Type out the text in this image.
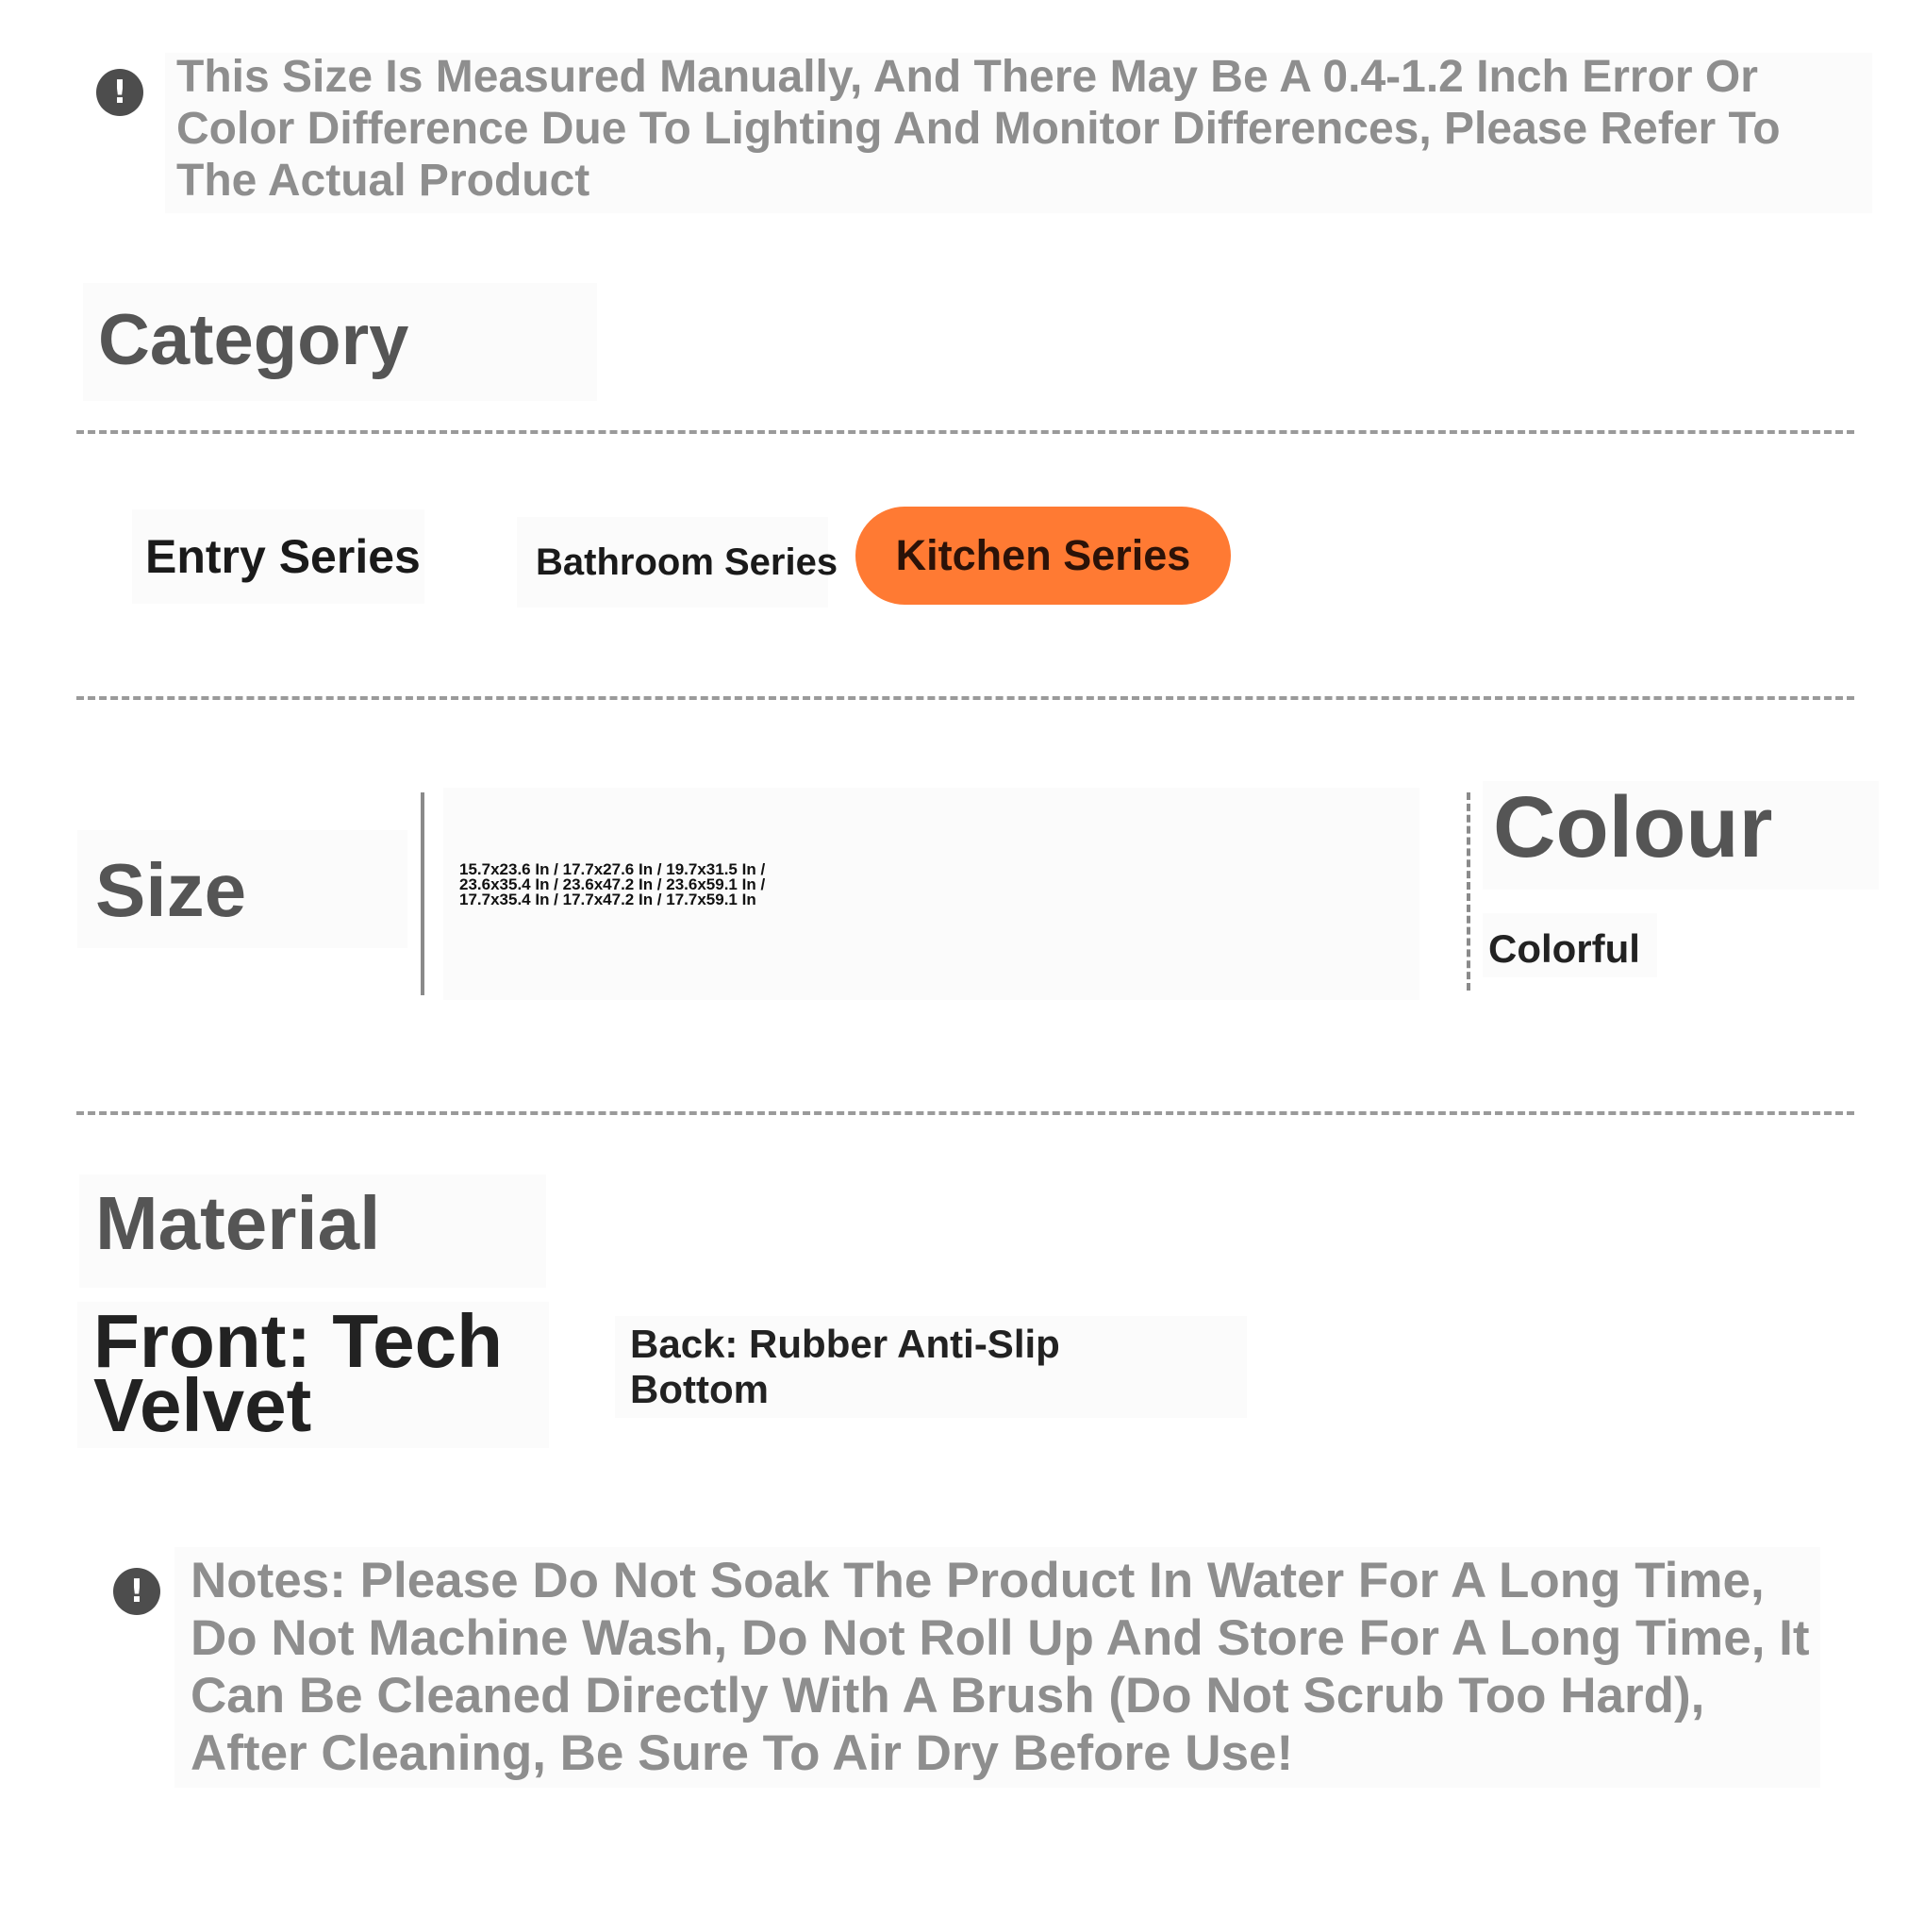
!	This Size Is Measured Manually, And There May Be A 0.4-1.2 Inch Error Or Color Difference Due To Lighting And Monitor Differences, Please Refer To The Actual Product

Category
Entry Series	Bathroom Series Kitchen Series
Size	15.7x23.6 In / 17.7x27.6 In / 19.7x31.5 In / 23.6x35.4 In / 23.6x47.2 In / 23.6x59.1 In / 17.7x35.4 In / 17.7x47.2 In / 17.7x59.1 In

Colour

Colorful

Material

Front: Tech Velvet

Back: Rubber Anti-Slip Bottom

! Notes: Please Do Not Soak The Product In Water For A Long Time, Do Not Machine Wash, Do Not Roll Up And Store For A Long Time, It Can Be Cleaned Directly With A Brush (Do Not Scrub Too Hard), After Cleaning, Be Sure To Air Dry Before Use!
